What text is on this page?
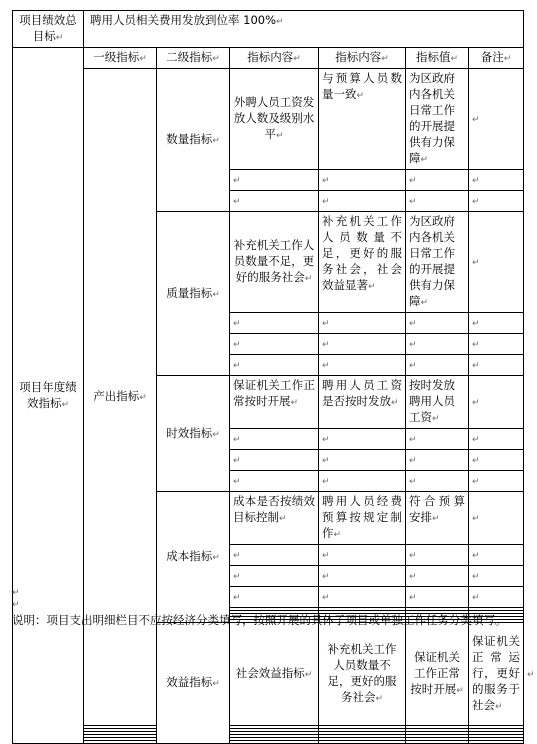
项目绩效总目标 ↵	聘用人员相关费用发放到位率 100% ↵
项目年度绩效指标 ↵	一级指标 ↵	二级指标 ↵	指标内容 ↵	指标内容 ↵	指标值 ↵	备注 ↵
	产出指标 ↵	数量指标 ↵	外聘人员工资发放人数及级别水平 ↵	与预算人员数量一致 ↵	为区政府内各机关日常工作的开展提供有力保障 ↵	↵
↵	↵	↵	↵
↵	↵	↵	↵
		质量指标 ↵	补充机关工作人员数量不足，更好的服务社会 ↵	补充机关工作人员数量不足，更好的服务社会，社会效益显著 ↵	为区政府内各机关日常工作的开展提供有力保障 ↵	↵
↵	↵	↵	↵
↵	↵	↵	↵
↵	↵	↵	↵
		时效指标 ↵	保证机关工作正常按时开展 ↵	聘用人员工资是否按时发放 ↵	按时发放聘用人员工资 ↵	↵
↵	↵	↵	↵
↵	↵	↵	↵
↵	↵	↵	↵
		成本指标 ↵	成本是否按绩效目标控制 ↵	聘用人员经费预算按规定制作 ↵	符合预算安排 ↵	↵
↵	↵	↵	↵
↵	↵	↵	↵
↵	↵	↵	↵

		效益指标 ↵	社会效益指标 ↵	补充机关工作人员数量不足，更好的服务社会 ↵	保证机关工作正常按时开展 ↵	保证机关正常运行，更好的服务于社会 ↵	↵

↵
↵
说明：项目支出明细栏目不应按经济分类填写，按照开展的具体子项目或单独工作任务分类填写。
